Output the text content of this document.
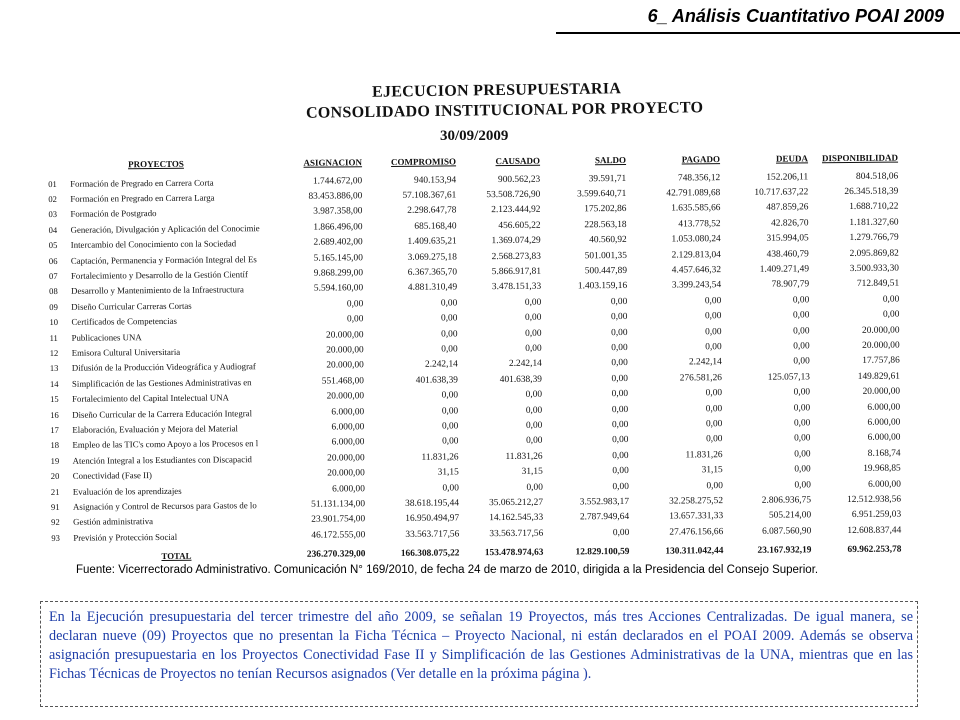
6_ Análisis Cuantitativo POAI 2009
EJECUCION PRESUPUESTARIA
CONSOLIDADO INSTITUCIONAL POR PROYECTO
30/09/2009
PROYECTOS		ASIGNACION	COMPROMISO	CAUSADO	SALDO	PAGADO	DEUDA	DISPONIBILIDAD
01	Formación de Pregrado en Carrera Corta	1.744.672,00	940.153,94	900.562,23	39.591,71	748.356,12	152.206,11	804.518,06
02	Formación en Pregrado en Carrera Larga	83.453.886,00	57.108.367,61	53.508.726,90	3.599.640,71	42.791.089,68	10.717.637,22	26.345.518,39
03	Formación de Postgrado	3.987.358,00	2.298.647,78	2.123.444,92	175.202,86	1.635.585,66	487.859,26	1.688.710,22
04	Generación, Divulgación y Aplicación del Conocimie	1.866.496,00	685.168,40	456.605,22	228.563,18	413.778,52	42.826,70	1.181.327,60
05	Intercambio del Conocimiento con la Sociedad	2.689.402,00	1.409.635,21	1.369.074,29	40.560,92	1.053.080,24	315.994,05	1.279.766,79
06	Captación, Permanencia y Formación Integral del Es	5.165.145,00	3.069.275,18	2.568.273,83	501.001,35	2.129.813,04	438.460,79	2.095.869,82
07	Fortalecimiento y Desarrollo de la Gestión Científ	9.868.299,00	6.367.365,70	5.866.917,81	500.447,89	4.457.646,32	1.409.271,49	3.500.933,30
08	Desarrollo y Mantenimiento de la Infraestructura	5.594.160,00	4.881.310,49	3.478.151,33	1.403.159,16	3.399.243,54	78.907,79	712.849,51
09	Diseño Curricular Carreras Cortas	0,00	0,00	0,00	0,00	0,00	0,00	0,00
10	Certificados de Competencias	0,00	0,00	0,00	0,00	0,00	0,00	0,00
11	Publicaciones UNA	20.000,00	0,00	0,00	0,00	0,00	0,00	20.000,00
12	Emisora Cultural Universitaria	20.000,00	0,00	0,00	0,00	0,00	0,00	20.000,00
13	Difusión de la Producción Videográfica y Audiograf	20.000,00	2.242,14	2.242,14	0,00	2.242,14	0,00	17.757,86
14	Simplificación de las Gestiones Administrativas en	551.468,00	401.638,39	401.638,39	0,00	276.581,26	125.057,13	149.829,61
15	Fortalecimiento del Capital Intelectual UNA	20.000,00	0,00	0,00	0,00	0,00	0,00	20.000,00
16	Diseño Curricular de la Carrera Educación Integral	6.000,00	0,00	0,00	0,00	0,00	0,00	6.000,00
17	Elaboración, Evaluación y Mejora del Material	6.000,00	0,00	0,00	0,00	0,00	0,00	6.000,00
18	Empleo de las TIC's como Apoyo a los Procesos en l	6.000,00	0,00	0,00	0,00	0,00	0,00	6.000,00
19	Atención Integral a los Estudiantes con Discapacid	20.000,00	11.831,26	11.831,26	0,00	11.831,26	0,00	8.168,74
20	Conectividad (Fase II)	20.000,00	31,15	31,15	0,00	31,15	0,00	19.968,85
21	Evaluación de los aprendizajes	6.000,00	0,00	0,00	0,00	0,00	0,00	6.000,00
91	Asignación y Control de Recursos para Gastos de lo	51.131.134,00	38.618.195,44	35.065.212,27	3.552.983,17	32.258.275,52	2.806.936,75	12.512.938,56
92	Gestión administrativa	23.901.754,00	16.950.494,97	14.162.545,33	2.787.949,64	13.657.331,33	505.214,00	6.951.259,03
93	Previsión y Protección Social	46.172.555,00	33.563.717,56	33.563.717,56	0,00	27.476.156,66	6.087.560,90	12.608.837,44
	TOTAL	236.270.329,00	166.308.075,22	153.478.974,63	12.829.100,59	130.311.042,44	23.167.932,19	69.962.253,78
Fuente: Vicerrectorado Administrativo. Comunicación N° 169/2010, de fecha 24 de marzo de 2010, dirigida a la Presidencia del Consejo Superior.
En la Ejecución presupuestaria del tercer trimestre del año 2009, se señalan 19 Proyectos, más tres Acciones Centralizadas. De igual manera, se declaran nueve (09) Proyectos que no presentan la Ficha Técnica – Proyecto Nacional, ni están declarados en el POAI 2009. Además se observa asignación presupuestaria en los Proyectos Conectividad Fase II y Simplificación de las Gestiones Administrativas de la UNA, mientras que en las Fichas Técnicas de Proyectos no tenían Recursos asignados (Ver detalle en la próxima página ).
